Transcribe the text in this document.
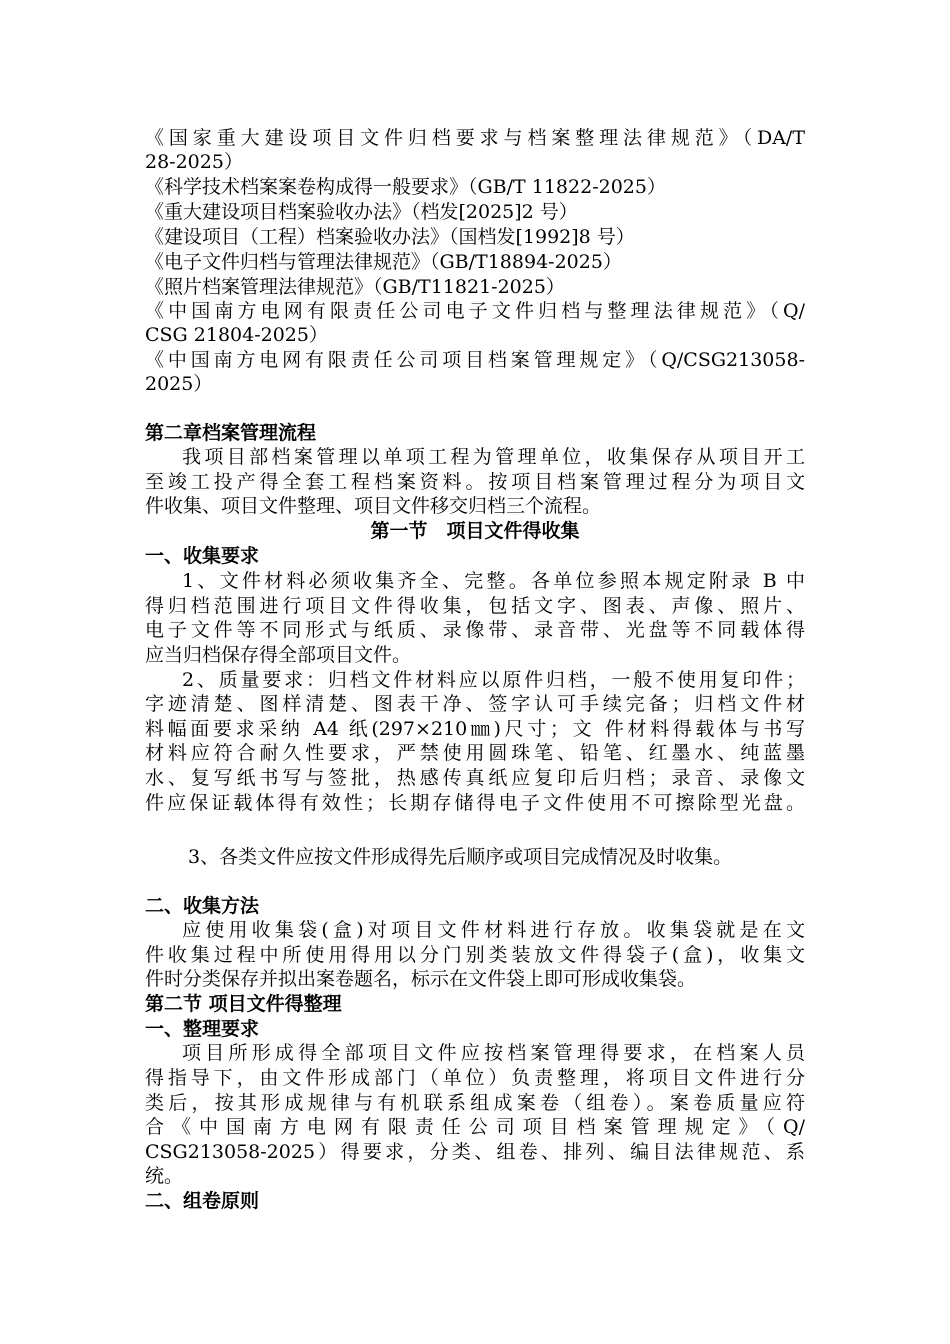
《国家重大建设项目文件归档要求与档案整理法律规范》（DA/T
28-2025）
《科学技术档案案卷构成得一般要求》（GB/T 11822-2025）
《重大建设项目档案验收办法》（档发[2025]2 号）
《建设项目（工程）档案验收办法》（国档发[1992]8 号）
《电子文件归档与管理法律规范》（GB/T18894-2025）
《照片档案管理法律规范》（GB/T11821-2025）
《中国南方电网有限责任公司电子文件归档与整理法律规范》（Q/
CSG 21804-2025）
《中国南方电网有限责任公司项目档案管理规定》（Q/CSG213058-
2025）
第二章档案管理流程
我项目部档案管理以单项工程为管理单位，收集保存从项目开工
至竣工投产得全套工程档案资料。按项目档案管理过程分为项目文
件收集、项目文件整理、项目文件移交归档三个流程。
第一节　项目文件得收集
一、收集要求
1、文件材料必须收集齐全、完整。各单位参照本规定附录 B 中
得归档范围进行项目文件得收集，包括文字、图表、声像、照片、
电子文件等不同形式与纸质、录像带、录音带、光盘等不同载体得
应当归档保存得全部项目文件。
2、质量要求：归档文件材料应以原件归档，一般不使用复印件；
字迹清楚、图样清楚、图表干净、签字认可手续完备；归档文件材
料幅面要求采纳 A4 纸(297×210㎜)尺寸；文 件材料得载体与书写
材料应符合耐久性要求，严禁使用圆珠笔、铅笔、红墨水、纯蓝墨
水、复写纸书写与签批，热感传真纸应复印后归档；录音、录像文
件应保证载体得有效性；长期存储得电子文件使用不可擦除型光盘。
3、各类文件应按文件形成得先后顺序或项目完成情况及时收集。
二、收集方法
应使用收集袋(盒)对项目文件材料进行存放。收集袋就是在文
件收集过程中所使用得用以分门别类装放文件得袋子(盒)，收集文
件时分类保存并拟出案卷题名，标示在文件袋上即可形成收集袋。
第二节 项目文件得整理
一、整理要求
项目所形成得全部项目文件应按档案管理得要求，在档案人员
得指导下，由文件形成部门（单位）负责整理，将项目文件进行分
类后，按其形成规律与有机联系组成案卷（组卷）。案卷质量应符
合《中国南方电网有限责任公司项目档案管理规定》（Q/
CSG213058-2025）得要求，分类、组卷、排列、编目法律规范、系
统。
二、组卷原则
